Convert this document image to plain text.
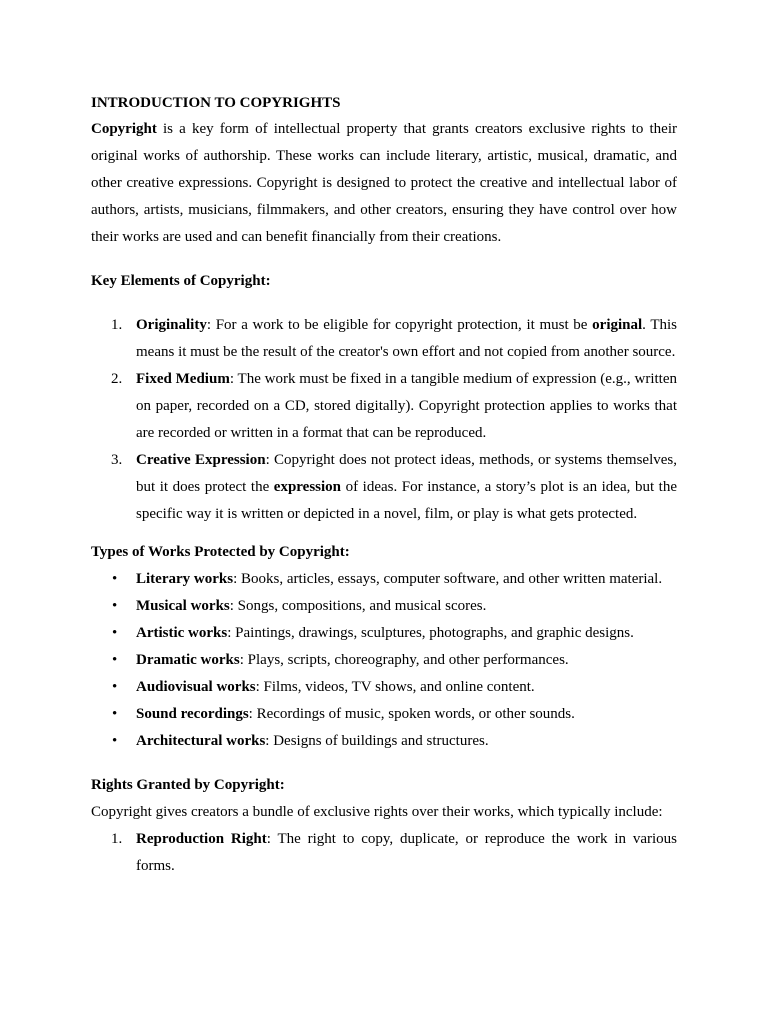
INTRODUCTION TO COPYRIGHTS

Copyright is a key form of intellectual property that grants creators exclusive rights to their original works of authorship. These works can include literary, artistic, musical, dramatic, and other creative expressions. Copyright is designed to protect the creative and intellectual labor of authors, artists, musicians, filmmakers, and other creators, ensuring they have control over how their works are used and can benefit financially from their creations.

Key Elements of Copyright:
1. Originality: For a work to be eligible for copyright protection, it must be original. This means it must be the result of the creator's own effort and not copied from another source.
2. Fixed Medium: The work must be fixed in a tangible medium of expression (e.g., written on paper, recorded on a CD, stored digitally). Copyright protection applies to works that are recorded or written in a format that can be reproduced.
3. Creative Expression: Copyright does not protect ideas, methods, or systems themselves, but it does protect the expression of ideas. For instance, a story’s plot is an idea, but the specific way it is written or depicted in a novel, film, or play is what gets protected.
Types of Works Protected by Copyright:
• Literary works: Books, articles, essays, computer software, and other written material.
• Musical works: Songs, compositions, and musical scores.
• Artistic works: Paintings, drawings, sculptures, photographs, and graphic designs.
• Dramatic works: Plays, scripts, choreography, and other performances.
• Audiovisual works: Films, videos, TV shows, and online content.
• Sound recordings: Recordings of music, spoken words, or other sounds.
• Architectural works: Designs of buildings and structures.
Rights Granted by Copyright:

Copyright gives creators a bundle of exclusive rights over their works, which typically include:

1. Reproduction Right: The right to copy, duplicate, or reproduce the work in various forms.
